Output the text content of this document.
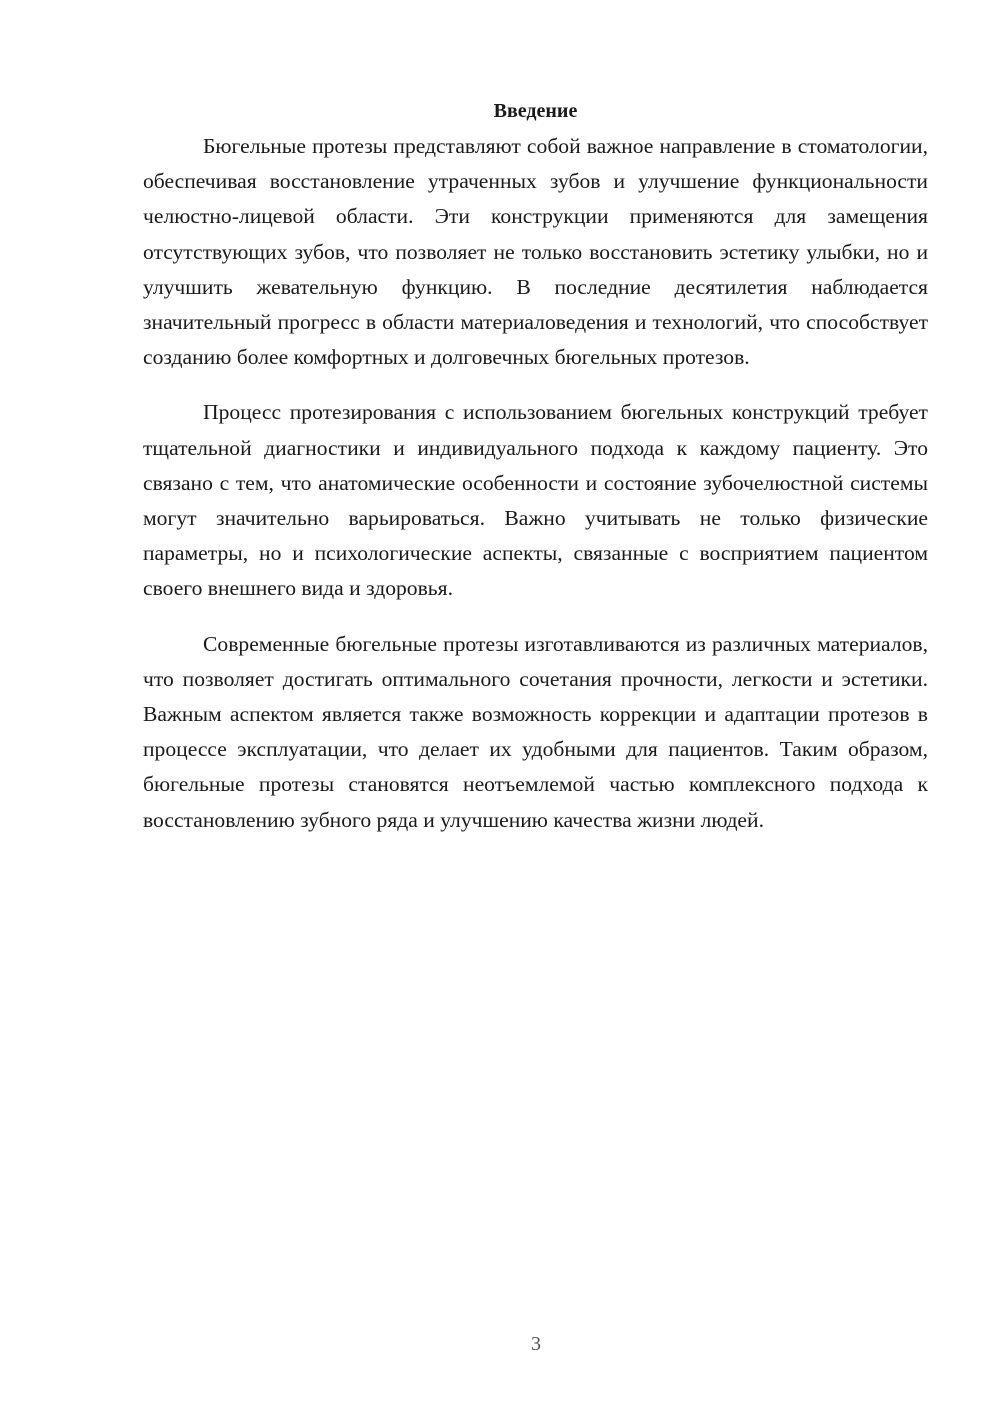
Введение

Бюгельные протезы представляют собой важное направление в стоматологии, обеспечивая восстановление утраченных зубов и улучшение функциональности челюстно-лицевой области. Эти конструкции применяются для замещения отсутствующих зубов, что позволяет не только восстановить эстетику улыбки, но и улучшить жевательную функцию. В последние десятилетия наблюдается значительный прогресс в области материаловедения и технологий, что способствует созданию более комфортных и долговечных бюгельных протезов.

Процесс протезирования с использованием бюгельных конструкций требует тщательной диагностики и индивидуального подхода к каждому пациенту. Это связано с тем, что анатомические особенности и состояние зубочелюстной системы могут значительно варьироваться. Важно учитывать не только физические параметры, но и психологические аспекты, связанные с восприятием пациентом своего внешнего вида и здоровья.

Современные бюгельные протезы изготавливаются из различных материалов, что позволяет достигать оптимального сочетания прочности, легкости и эстетики. Важным аспектом является также возможность коррекции и адаптации протезов в процессе эксплуатации, что делает их удобными для пациентов. Таким образом, бюгельные протезы становятся неотъемлемой частью комплексного подхода к восстановлению зубного ряда и улучшению качества жизни людей.

3
